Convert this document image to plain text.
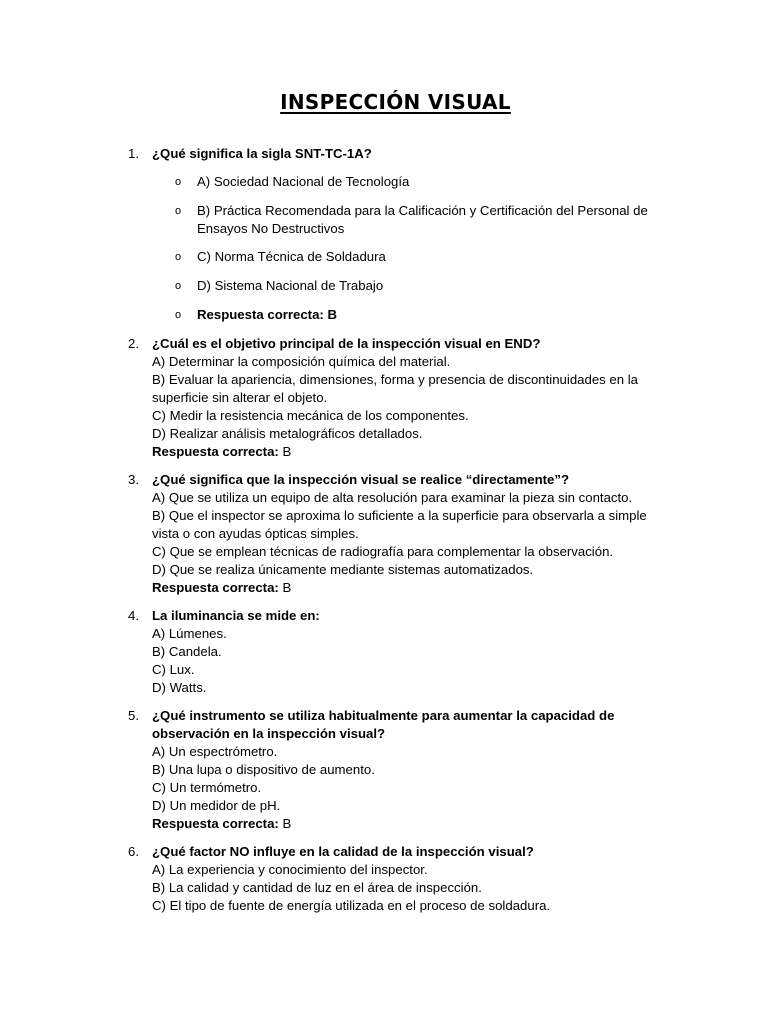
INSPECCIÓN VISUAL
1. ¿Qué significa la sigla SNT-TC-1A?
o A) Sociedad Nacional de Tecnología
o B) Práctica Recomendada para la Calificación y Certificación del Personal de Ensayos No Destructivos
o C) Norma Técnica de Soldadura
o D) Sistema Nacional de Trabajo
o Respuesta correcta: B
2. ¿Cuál es el objetivo principal de la inspección visual en END?
A) Determinar la composición química del material.
B) Evaluar la apariencia, dimensiones, forma y presencia de discontinuidades en la superficie sin alterar el objeto.
C) Medir la resistencia mecánica de los componentes.
D) Realizar análisis metalográficos detallados.
Respuesta correcta: B
3. ¿Qué significa que la inspección visual se realice “directamente”?
A) Que se utiliza un equipo de alta resolución para examinar la pieza sin contacto.
B) Que el inspector se aproxima lo suficiente a la superficie para observarla a simple vista o con ayudas ópticas simples.
C) Que se emplean técnicas de radiografía para complementar la observación.
D) Que se realiza únicamente mediante sistemas automatizados.
Respuesta correcta: B
4. La iluminancia se mide en:
A) Lúmenes.
B) Candela.
C) Lux.
D) Watts.
5. ¿Qué instrumento se utiliza habitualmente para aumentar la capacidad de observación en la inspección visual?
A) Un espectrómetro.
B) Una lupa o dispositivo de aumento.
C) Un termómetro.
D) Un medidor de pH.
Respuesta correcta: B
6. ¿Qué factor NO influye en la calidad de la inspección visual?
A) La experiencia y conocimiento del inspector.
B) La calidad y cantidad de luz en el área de inspección.
C) El tipo de fuente de energía utilizada en el proceso de soldadura.
